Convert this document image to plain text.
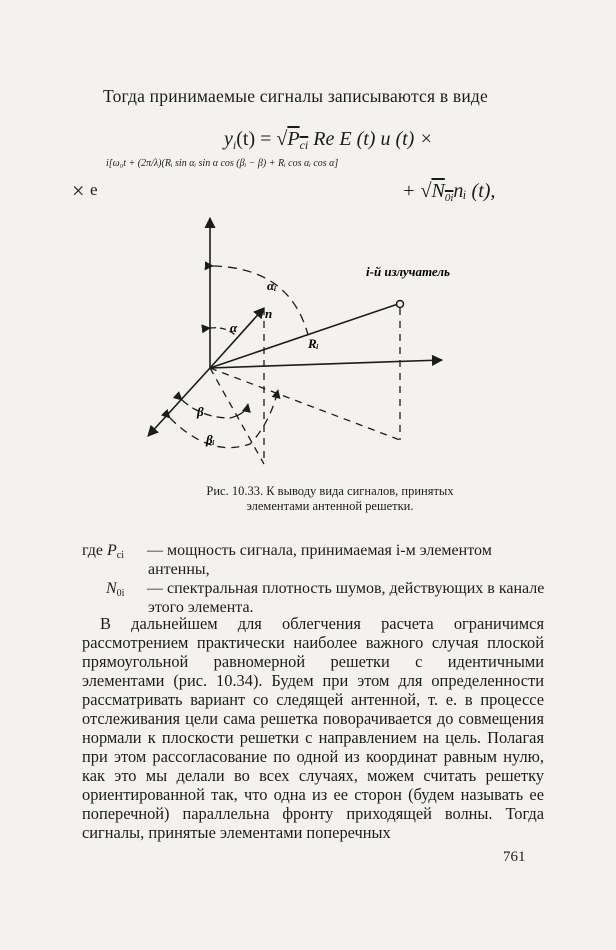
Тогда принимаемые сигналы записываются в виде
$y_i(t) = √P_{ci}$ Re E (t) u (t) ×
× e
i[ω₀t + (2π/λ)(Rᵢ sin αᵢ sin α cos (βᵢ − β) + Rᵢ cos αᵢ cos α]
+ $√N_{0i}nᵢ$ (t),
i-й излучатель
αᵢ
α
n
Rᵢ
β
βᵢ
Рис. 10.33. К выводу вида сигналов, принятых
элементами антенной решетки.
где $P_{ci}$	— мощность сигнала, принимаемая i-м элементом антенны,
$N_{0i}$	— спектральная плотность шумов, действующих в канале этого элемента.

В дальнейшем для облегчения расчета ограничимся рассмотрением практически наиболее важного случая плоской прямоугольной равномерной решетки с идентичными элементами (рис. 10.34). Будем при этом для определенности рассматривать вариант со следящей антенной, т. е. в процессе отслеживания цели сама решетка поворачивается до совмещения нормали к плоскости решетки с направлением на цель. Полагая при этом рассогласование по одной из координат равным нулю, как это мы делали во всех случаях, можем считать решетку ориентированной так, что одна из ее сторон (будем называть ее поперечной) параллельна фронту приходящей волны. Тогда сигналы, принятые элементами поперечных

761
